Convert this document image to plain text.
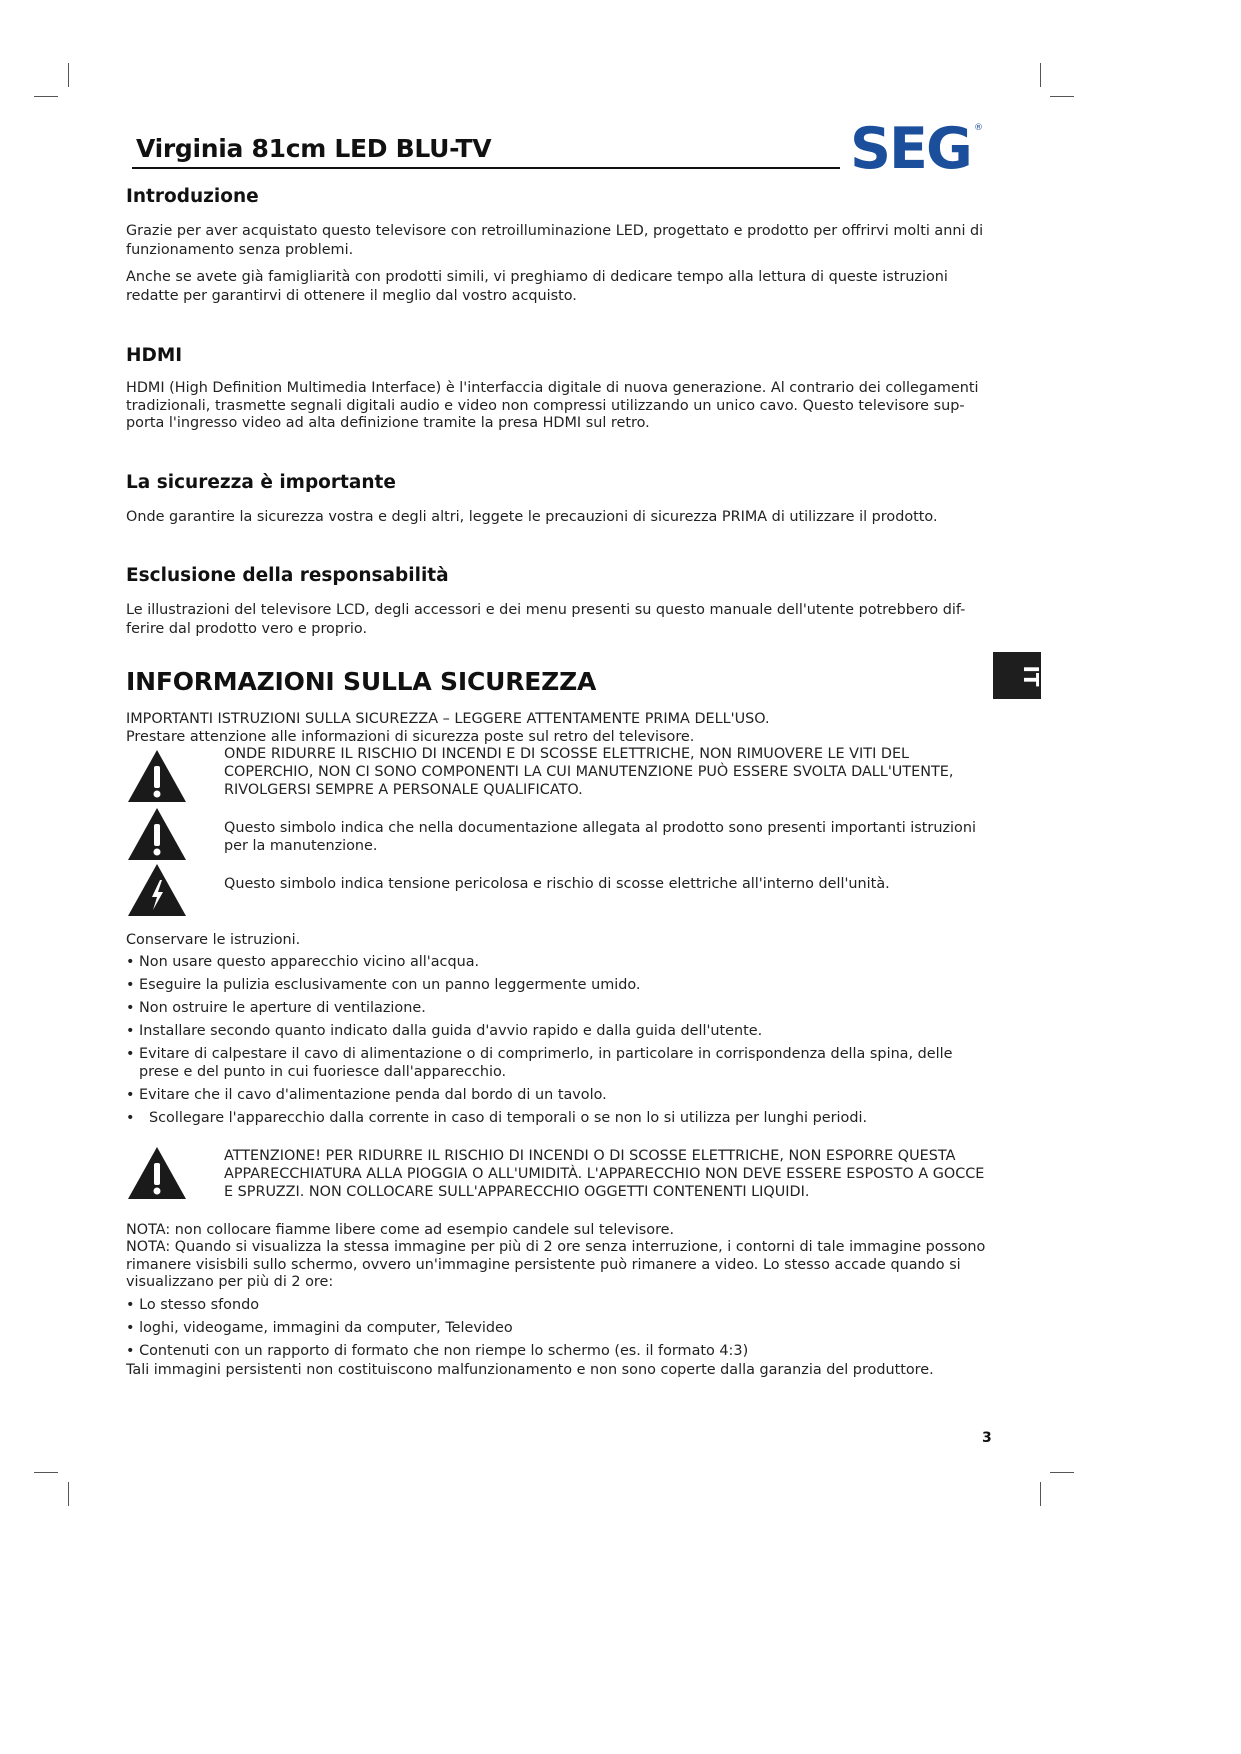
Virginia 81cm LED BLU-TV	SEG ®
Introduzione
Grazie per aver acquistato questo televisore con retroilluminazione LED, progettato e prodotto per offrirvi molti anni di funzionamento senza problemi.
Anche se avete già famigliarità con prodotti simili, vi preghiamo di dedicare tempo alla lettura di queste istruzioni redatte per garantirvi di ottenere il meglio dal vostro acquisto.
HDMI
HDMI (High Definition Multimedia Interface) è l'interfaccia digitale di nuova generazione. Al contrario dei collegamenti tradizionali, trasmette segnali digitali audio e video non compressi utilizzando un unico cavo. Questo televisore sup-porta l'ingresso video ad alta definizione tramite la presa HDMI sul retro.
La sicurezza è importante
Onde garantire la sicurezza vostra e degli altri, leggete le precauzioni di sicurezza PRIMA di utilizzare il prodotto.
Esclusione della responsabilità
Le illustrazioni del televisore LCD, degli accessori e dei menu presenti su questo manuale dell'utente potrebbero dif-ferire dal prodotto vero e proprio.
IT
INFORMAZIONI SULLA SICUREZZA
IMPORTANTI ISTRUZIONI SULLA SICUREZZA – LEGGERE ATTENTAMENTE PRIMA DELL'USO.
Prestare attenzione alle informazioni di sicurezza poste sul retro del televisore.
ONDE RIDURRE IL RISCHIO DI INCENDI E DI SCOSSE ELETTRICHE, NON RIMUOVERE LE VITI DEL COPERCHIO, NON CI SONO COMPONENTI LA CUI MANUTENZIONE PUÒ ESSERE SVOLTA DALL'UTENTE, RIVOLGERSI SEMPRE A PERSONALE QUALIFICATO.
Questo simbolo indica che nella documentazione allegata al prodotto sono presenti importanti istruzioni per la manutenzione.
Questo simbolo indica tensione pericolosa e rischio di scosse elettriche all'interno dell'unità.
Conservare le istruzioni.
• Non usare questo apparecchio vicino all'acqua.
• Eseguire la pulizia esclusivamente con un panno leggermente umido.
• Non ostruire le aperture di ventilazione.
• Installare secondo quanto indicato dalla guida d'avvio rapido e dalla guida dell'utente.
• Evitare di calpestare il cavo di alimentazione o di comprimerlo, in particolare in corrispondenza della spina, delle prese e del punto in cui fuoriesce dall'apparecchio.
• Evitare che il cavo d'alimentazione penda dal bordo di un tavolo.
• Scollegare l'apparecchio dalla corrente in caso di temporali o se non lo si utilizza per lunghi periodi.
ATTENZIONE! PER RIDURRE IL RISCHIO DI INCENDI O DI SCOSSE ELETTRICHE, NON ESPORRE QUESTA APPARECCHIATURA ALLA PIOGGIA O ALL'UMIDITÀ. L'APPARECCHIO NON DEVE ESSERE ESPOSTO A GOCCE E SPRUZZI. NON COLLOCARE SULL'APPARECCHIO OGGETTI CONTENENTI LIQUIDI.
NOTA: non collocare fiamme libere come ad esempio candele sul televisore.
NOTA: Quando si visualizza la stessa immagine per più di 2 ore senza interruzione, i contorni di tale immagine possono rimanere visisbili sullo schermo, ovvero un'immagine persistente può rimanere a video. Lo stesso accade quando si visualizzano per più di 2 ore:
• Lo stesso sfondo
• loghi, videogame, immagini da computer, Televideo
• Contenuti con un rapporto di formato che non riempe lo schermo (es. il formato 4:3)
Tali immagini persistenti non costituiscono malfunzionamento e non sono coperte dalla garanzia del produttore.
3
